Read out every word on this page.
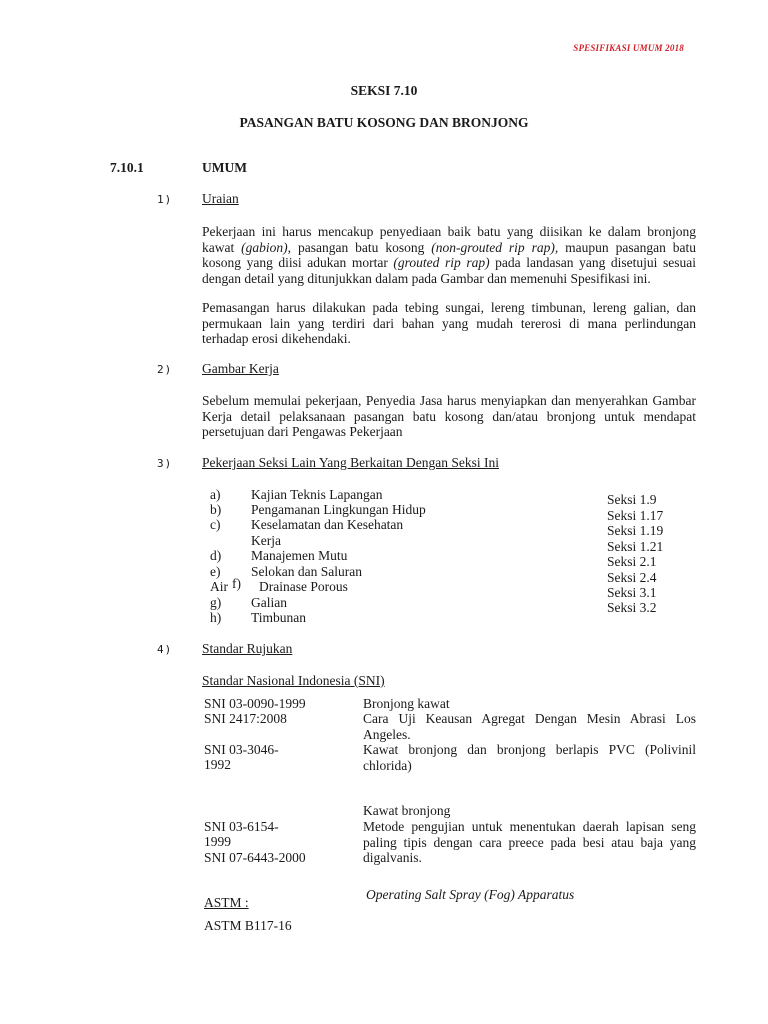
SPESIFIKASI UMUM 2018
SEKSI 7.10
PASANGAN BATU KOSONG DAN BRONJONG
7.10.1	UMUM
1) Uraian
Pekerjaan ini harus mencakup penyediaan baik batu yang diisikan ke dalam bronjong kawat (gabion), pasangan batu kosong (non-grouted rip rap), maupun pasangan batu kosong yang diisi adukan mortar (grouted rip rap) pada landasan yang disetujui sesuai dengan detail yang ditunjukkan dalam pada Gambar dan memenuhi Spesifikasi ini.
Pemasangan harus dilakukan pada tebing sungai, lereng timbunan, lereng galian, dan permukaan lain yang terdiri dari bahan yang mudah tererosi di mana perlindungan terhadap erosi dikehendaki.
2) Gambar Kerja
Sebelum memulai pekerjaan, Penyedia Jasa harus menyiapkan dan menyerahkan Gambar Kerja detail pelaksanaan pasangan batu kosong dan/atau bronjong untuk mendapat persetujuan dari Pengawas Pekerjaan
3) Pekerjaan Seksi Lain Yang Berkaitan Dengan Seksi Ini
a)
b)
c)
d)
e)
Air f)
g)
h)
Kajian Teknis Lapangan
Pengamanan Lingkungan Hidup
Keselamatan dan Kesehatan
Kerja
Manajemen Mutu
Selokan dan Saluran
Drainase Porous
Galian
Timbunan
Seksi 1.9
Seksi 1.17
Seksi 1.19
Seksi 1.21
Seksi 2.1
Seksi 2.4
Seksi 3.1
Seksi 3.2
4) Standar Rujukan
Standar Nasional Indonesia (SNI)
SNI 03-0090-1999
SNI 2417:2008
SNI 03-3046-
1992
SNI 03-6154-
1999
SNI 07-6443-2000
Bronjong kawat
Cara Uji Keausan Agregat Dengan Mesin Abrasi Los Angeles.
Kawat bronjong dan bronjong berlapis PVC (Polivinil chlorida)
Kawat bronjong
Metode pengujian untuk menentukan daerah lapisan seng paling tipis dengan cara preece pada besi atau baja yang digalvanis.
Operating Salt Spray (Fog) Apparatus
ASTM :
ASTM B117-16
